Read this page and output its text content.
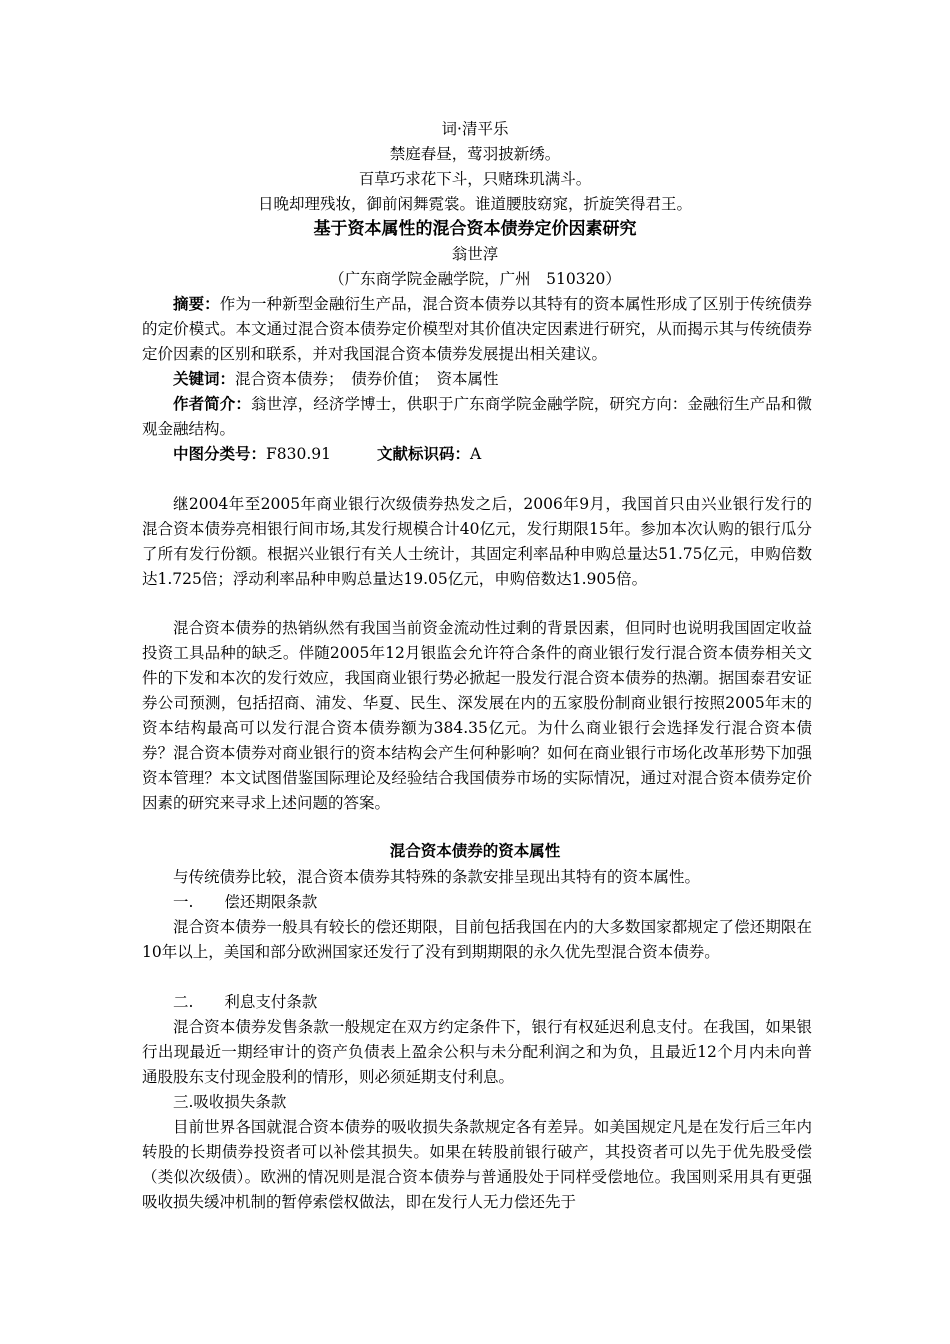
词·清平乐
禁庭春昼，莺羽披新绣。
百草巧求花下斗，只赌珠玑满斗。
日晚却理残妆，御前闲舞霓裳。谁道腰肢窈窕，折旋笑得君王。
基于资本属性的混合资本债券定价因素研究
翁世淳
（广东商学院金融学院，广州　510320）
摘要：作为一种新型金融衍生产品，混合资本债券以其特有的资本属性形成了区别于传统债券的定价模式。本文通过混合资本债券定价模型对其价值决定因素进行研究，从而揭示其与传统债券定价因素的区别和联系，并对我国混合资本债券发展提出相关建议。
关键词：混合资本债券；　债券价值；　资本属性
作者简介：翁世淳，经济学博士，供职于广东商学院金融学院，研究方向：金融衍生产品和微观金融结构。
中图分类号：F830.91	文献标识码：A
继2004年至2005年商业银行次级债券热发之后，2006年9月，我国首只由兴业银行发行的混合资本债券亮相银行间市场,其发行规模合计40亿元，发行期限15年。参加本次认购的银行瓜分了所有发行份额。根据兴业银行有关人士统计，其固定利率品种申购总量达51.75亿元，申购倍数达1.725倍；浮动利率品种申购总量达19.05亿元，申购倍数达1.905倍。
混合资本债券的热销纵然有我国当前资金流动性过剩的背景因素，但同时也说明我国固定收益投资工具品种的缺乏。伴随2005年12月银监会允许符合条件的商业银行发行混合资本债券相关文件的下发和本次的发行效应，我国商业银行势必掀起一股发行混合资本债券的热潮。据国泰君安证券公司预测，包括招商、浦发、华夏、民生、深发展在内的五家股份制商业银行按照2005年末的资本结构最高可以发行混合资本债券额为384.35亿元。为什么商业银行会选择发行混合资本债券？混合资本债券对商业银行的资本结构会产生何种影响？如何在商业银行市场化改革形势下加强资本管理？本文试图借鉴国际理论及经验结合我国债券市场的实际情况，通过对混合资本债券定价因素的研究来寻求上述问题的答案。
混合资本债券的资本属性
与传统债券比较，混合资本债券其特殊的条款安排呈现出其特有的资本属性。
一.　　偿还期限条款
混合资本债券一般具有较长的偿还期限，目前包括我国在内的大多数国家都规定了偿还期限在10年以上，美国和部分欧洲国家还发行了没有到期期限的永久优先型混合资本债券。
二.　　利息支付条款
混合资本债券发售条款一般规定在双方约定条件下，银行有权延迟利息支付。在我国，如果银行出现最近一期经审计的资产负债表上盈余公积与未分配利润之和为负，且最近12个月内未向普通股股东支付现金股利的情形，则必须延期支付利息。
三.吸收损失条款
目前世界各国就混合资本债券的吸收损失条款规定各有差异。如美国规定凡是在发行后三年内转股的长期债券投资者可以补偿其损失。如果在转股前银行破产，其投资者可以先于优先股受偿（类似次级债）。欧洲的情况则是混合资本债券与普通股处于同样受偿地位。我国则采用具有更强吸收损失缓冲机制的暂停索偿权做法，即在发行人无力偿还先于
